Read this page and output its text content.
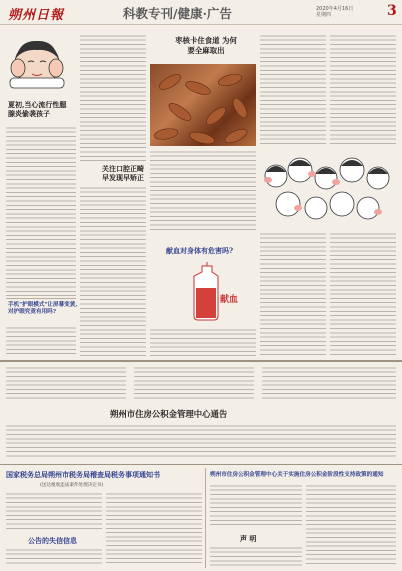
朔州日報	科教专刊/健康·广告	2020年4月16日
星期四	3
夏初,当心流行性腮腺炎偷袭孩子
手机"护眼模式"让屏幕变黄,对护眼究竟有用吗?
关注口腔正畸 早发现早矫正
枣核卡住食道 为何要全麻取出
献血对身体有危害吗?
献血
朔州市住房公积金管理中心通告
国家税务总局朔州市税务局稽查局税务事项通知书
(送达税收违法案件处理决定书)
公告的失信信息
朔州市住房公积金管理中心关于实施住房公积金阶段性支持政策的通知
声 明
